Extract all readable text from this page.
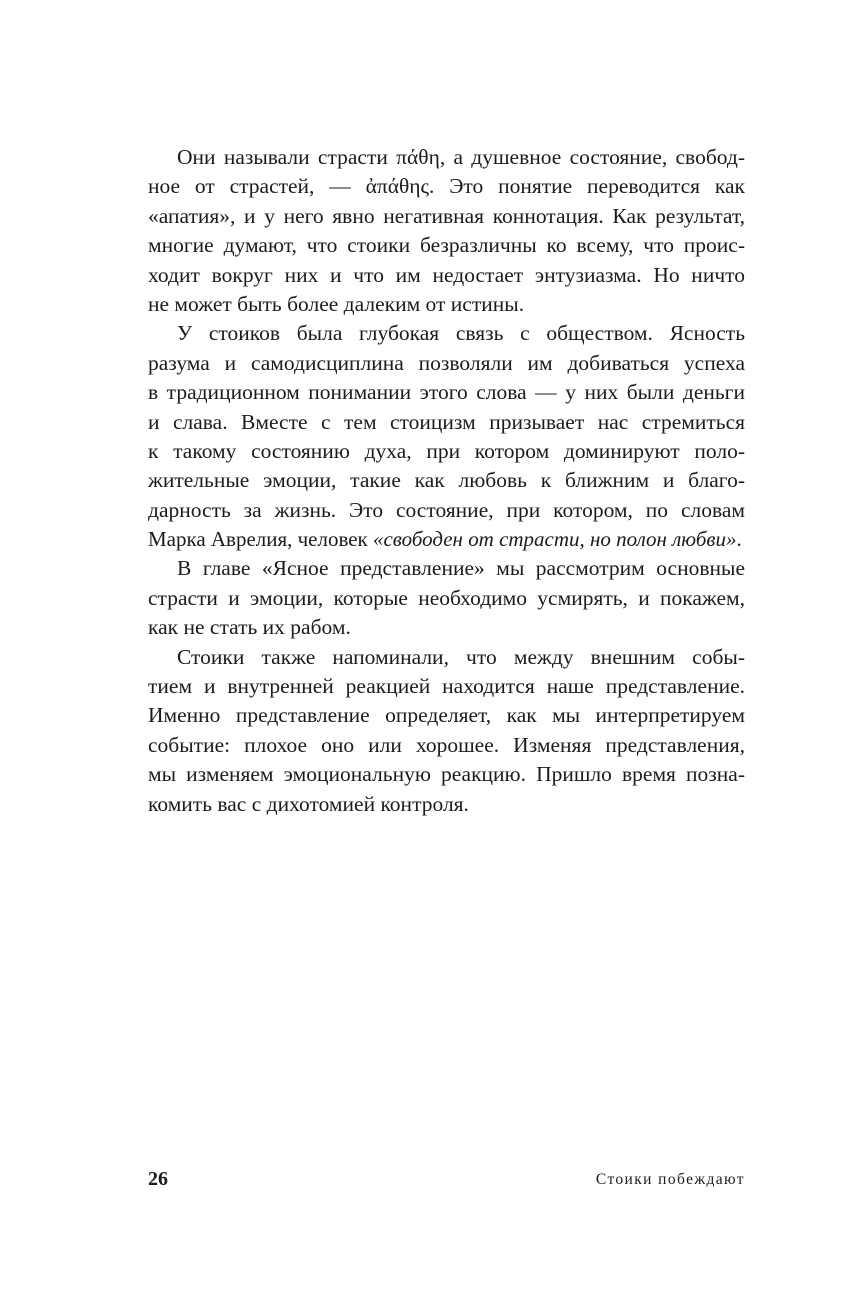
Они называли страсти πάθη, а душевное состояние, свобод-
ное от страстей, — ἀπάθης. Это понятие переводится как
«апатия», и у него явно негативная коннотация. Как результат,
многие думают, что стоики безразличны ко всему, что проис-
ходит вокруг них и что им недостает энтузиазма. Но ничто
не может быть более далеким от истины.
У стоиков была глубокая связь с обществом. Ясность
разума и самодисциплина позволяли им добиваться успеха
в традиционном понимании этого слова — у них были деньги
и слава. Вместе с тем стоицизм призывает нас стремиться
к такому состоянию духа, при котором доминируют поло-
жительные эмоции, такие как любовь к ближним и благо-
дарность за жизнь. Это состояние, при котором, по словам
Марка Аврелия, человек «свободен от страсти, но полон любви».
В главе «Ясное представление» мы рассмотрим основные
страсти и эмоции, которые необходимо усмирять, и покажем,
как не стать их рабом.
Стоики также напоминали, что между внешним собы-
тием и внутренней реакцией находится наше представление.
Именно представление определяет, как мы интерпретируем
событие: плохое оно или хорошее. Изменяя представления,
мы изменяем эмоциональную реакцию. Пришло время позна-
комить вас с дихотомией контроля.
26	Стоики побеждают
